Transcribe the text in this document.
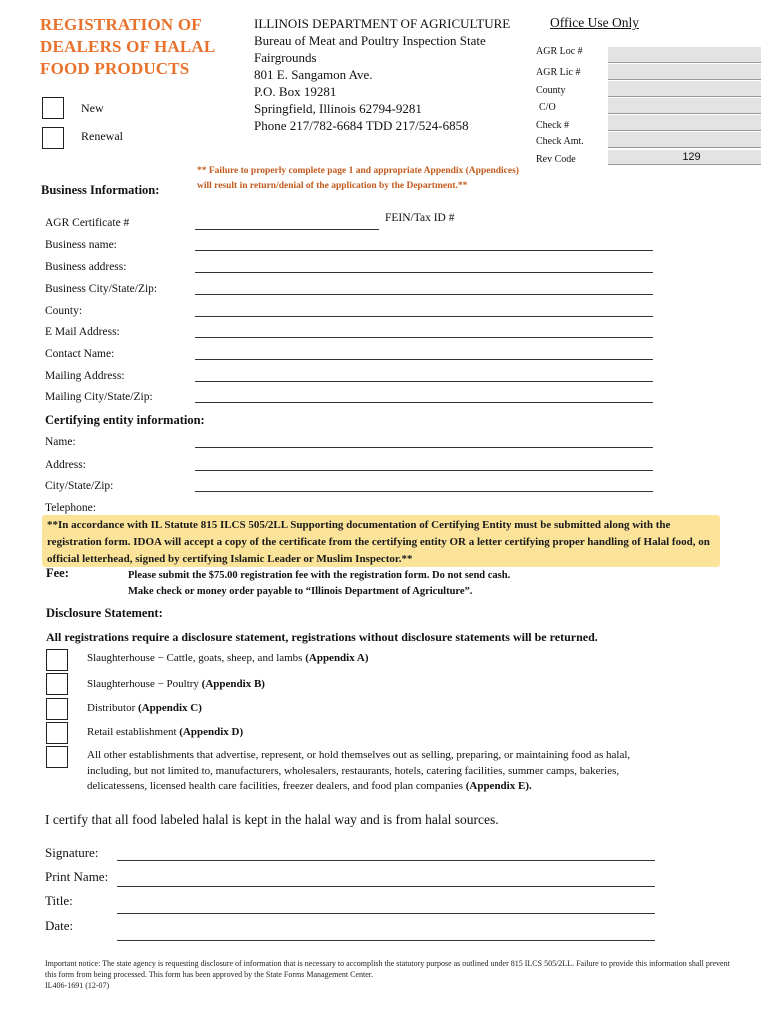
REGISTRATION OF
DEALERS OF HALAL
FOOD PRODUCTS
New
Renewal
ILLINOIS DEPARTMENT OF AGRICULTURE
Bureau of Meat and Poultry Inspection State
Fairgrounds
801 E. Sangamon Ave.
P.O. Box 19281
Springfield, Illinois 62794-9281
Phone 217/782-6684 TDD 217/524-6858
Office Use Only
AGR Loc #
AGR Lic #
County
C/O
Check #
Check Amt.
Rev Code	129
** Failure to properly complete page 1 and appropriate Appendix (Appendices) will result in return/denial of the application by the Department.**
Business Information:
AGR Certificate #	FEIN/Tax ID #
Business name:
Business address:
Business City/State/Zip:
County:
E Mail Address:
Contact Name:
Mailing Address:
Mailing City/State/Zip:
Certifying entity information:
Name:
Address:
City/State/Zip:
Telephone:
**In accordance with IL Statute 815 ILCS 505/2LL Supporting documentation of Certifying Entity must be submitted along with the registration form. IDOA will accept a copy of the certificate from the certifying entity OR a letter certifying proper handling of Halal food, on official letterhead, signed by certifying Islamic Leader or Muslim Inspector.**
Fee:	Please submit the $75.00 registration fee with the registration form. Do not send cash.
Make check or money order payable to “Illinois Department of Agriculture”.
Disclosure Statement:
All registrations require a disclosure statement, registrations without disclosure statements will be returned.
Slaughterhouse − Cattle, goats, sheep, and lambs (Appendix A)
Slaughterhouse − Poultry (Appendix B)
Distributor (Appendix C)
Retail establishment (Appendix D)
All other establishments that advertise, represent, or hold themselves out as selling, preparing, or maintaining food as halal, including, but not limited to, manufacturers, wholesalers, restaurants, hotels, catering facilities, summer camps, bakeries, delicatessens, licensed health care facilities, freezer dealers, and food plan companies (Appendix E).
I certify that all food labeled halal is kept in the halal way and is from halal sources.
Signature:
Print Name:
Title:
Date:
Important notice: The state agency is requesting disclosure of information that is necessary to accomplish the statutory purpose as outlined under 815 ILCS 505/2LL. Failure to provide this information shall prevent this form from being processed. This form has been approved by the State Forms Management Center.
IL406-1691 (12-07)
